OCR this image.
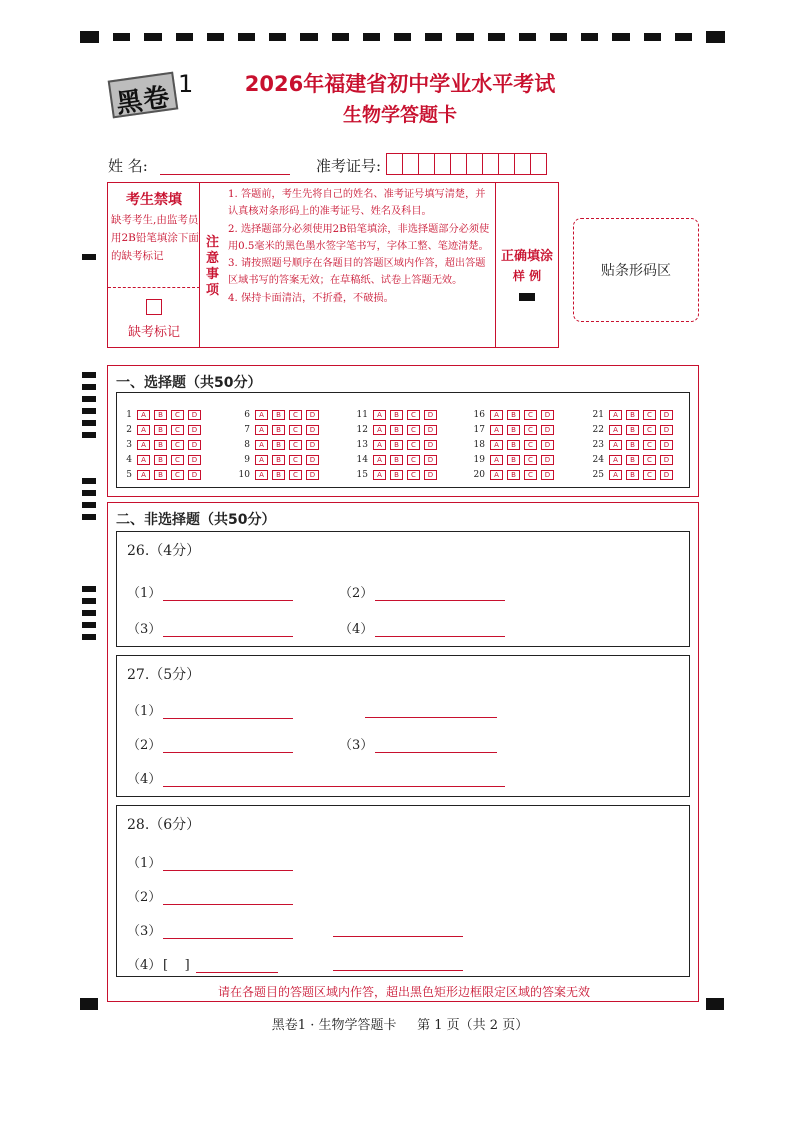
黑卷 1	2026年福建省初中学业水平考试
生物学答题卡
姓 名:	准考证号:
考生禁填
缺考考生,由监考员用2B铅笔填涂下面的缺考标记
缺考标记
注意事项

1. 答题前，考生先将自己的姓名、准考证号填写清楚，并认真核对条形码上的准考证号、姓名及科目。

2. 选择题部分必须使用2B铅笔填涂，非选择题部分必须使用0.5毫米的黑色墨水签字笔书写，字体工整、笔迹清楚。

3. 请按照题号顺序在各题目的答题区域内作答，超出答题区域书写的答案无效；在草稿纸、试卷上答题无效。

4. 保持卡面清洁，不折叠，不破损。

正确填涂
样 例	贴条形码区
一、选择题（共50分）
1	A	B	C	D
2	A	B	C	D
3	A	B	C	D
4	A	B	C	D
5	A	B	C	D
6	A	B	C	D
7	A	B	C	D
8	A	B	C	D
9	A	B	C	D
10	A	B	C	D
11	A	B	C	D
12	A	B	C	D
13	A	B	C	D
14	A	B	C	D
15	A	B	C	D
16	A	B	C	D
17	A	B	C	D
18	A	B	C	D
19	A	B	C	D
20	A	B	C	D
21	A	B	C	D
22	A	B	C	D
23	A	B	C	D
24	A	B	C	D
25	A	B	C	D
二、非选择题（共50分）
26.（4分）
（1）	（2）
（3）	（4）
27.（5分）
（1）
（2）	（3）
（4）
28.（6分）
（1）
（2）
（3）
（4） [    ]
请在各题目的答题区域内作答，超出黑色矩形边框限定区域的答案无效
黑卷1 · 生物学答题卡     第 1 页（共 2 页）
